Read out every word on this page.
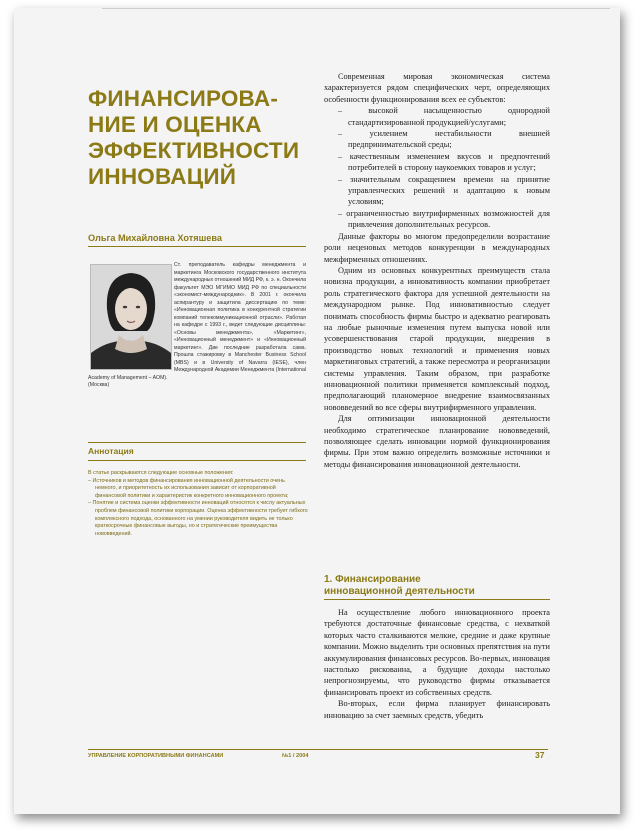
ФИНАНСИРОВА-
НИЕ И ОЦЕНКА
ЭФФЕКТИВНОСТИ
ИННОВАЦИЙ
Ольга Михайловна Хотяшева
Ст. преподаватель кафедры менеджмента и маркетинга Московского государственного института международных отношений МИД РФ, к. э. н. Окончила факультет МЭО МГИМО МИД РФ по специальности «экономист-международник». В 2001 г. окончила аспирантуру и защитила диссертацию по теме: «Инновационная политика в конкурентной стратегии компаний телекоммуникационной отрасли». Работая на кафедре с 1993 г., ведет следующие дисциплины: «Основы менеджмента», «Маркетинг», «Инновационный менеджмент» и «Инновационный маркетинг». Две последние разработала сама. Прошла стажировку в Manchester Business School (MBS) и в University of Navarra (IESE), член Международной Академии Менеджмента (International Academy of Management – AOM).
(Москва)
Аннотация

В статье раскрываются следующие основные положения:

– Источников и методов финансирования инновационной деятельности очень немного, и приоритетность их использования зависит от корпоративной финансовой политики и характеристик конкретного инновационного проекта;

– Понятие и система оценки эффективности инноваций относятся к числу актуальных проблем финансовой политики корпорации. Оценка эффективности требует гибкого комплексного подхода, основанного на умении руководителя видеть не только краткосрочные финансовые выгоды, но и стратегические преимущества нововведений.

Современная мировая экономическая система характеризуется рядом специфических черт, определяющих особенности функционирования всех ее субъектов:

– высокой насыщенностью однородной стандартизированной продукцией/услугами;

– усилением нестабильности внешней предпринимательской среды;

– качественным изменением вкусов и предпочтений потребителей в сторону наукоемких товаров и услуг;

– значительным сокращением времени на принятие управленческих решений и адаптацию к новым условиям;

– ограниченностью внутрифирменных возможностей для привлечения дополнительных ресурсов.

Данные факторы во многом предопределили возрастание роли неценовых методов конкуренции в международных межфирменных отношениях.

Одним из основных конкурентных преимуществ стала новизна продукции, а инновативность компании приобретает роль стратегического фактора для успешной деятельности на международном рынке. Под инновативностью следует понимать способность фирмы быстро и адекватно реагировать на любые рыночные изменения путем выпуска новой или усовершенствования старой продукции, внедрения в производство новых технологий и применения новых маркетинговых стратегий, а также пересмотра и реорганизации системы управления. Таким образом, при разработке инновационной политики применяется комплексный подход, предполагающий планомерное внедрение взаимосвязанных нововведений во все сферы внутрифирменного управления.

Для оптимизации инновационной деятельности необходимо стратегическое планирование нововведений, позволяющее сделать инновации нормой функционирования фирмы. При этом важно определить возможные источники и методы финансирования инновационной деятельности.

1. Финансирование
инновационной деятельности

На осуществление любого инновационного проекта требуются достаточные финансовые средства, с нехваткой которых часто сталкиваются мелкие, средние и даже крупные компании. Можно выделить три основных препятствия на пути аккумулирования финансовых ресурсов. Во-первых, инновация настолько рискованна, а будущие доходы настолько непрогнозируемы, что руководство фирмы отказывается финансировать проект из собственных средств.

Во-вторых, если фирма планирует финансировать инновацию за счет заемных средств, убедить

УПРАВЛЕНИЕ КОРПОРАТИВНЫМИ ФИНАНСАМИ	№1 / 2004	37
